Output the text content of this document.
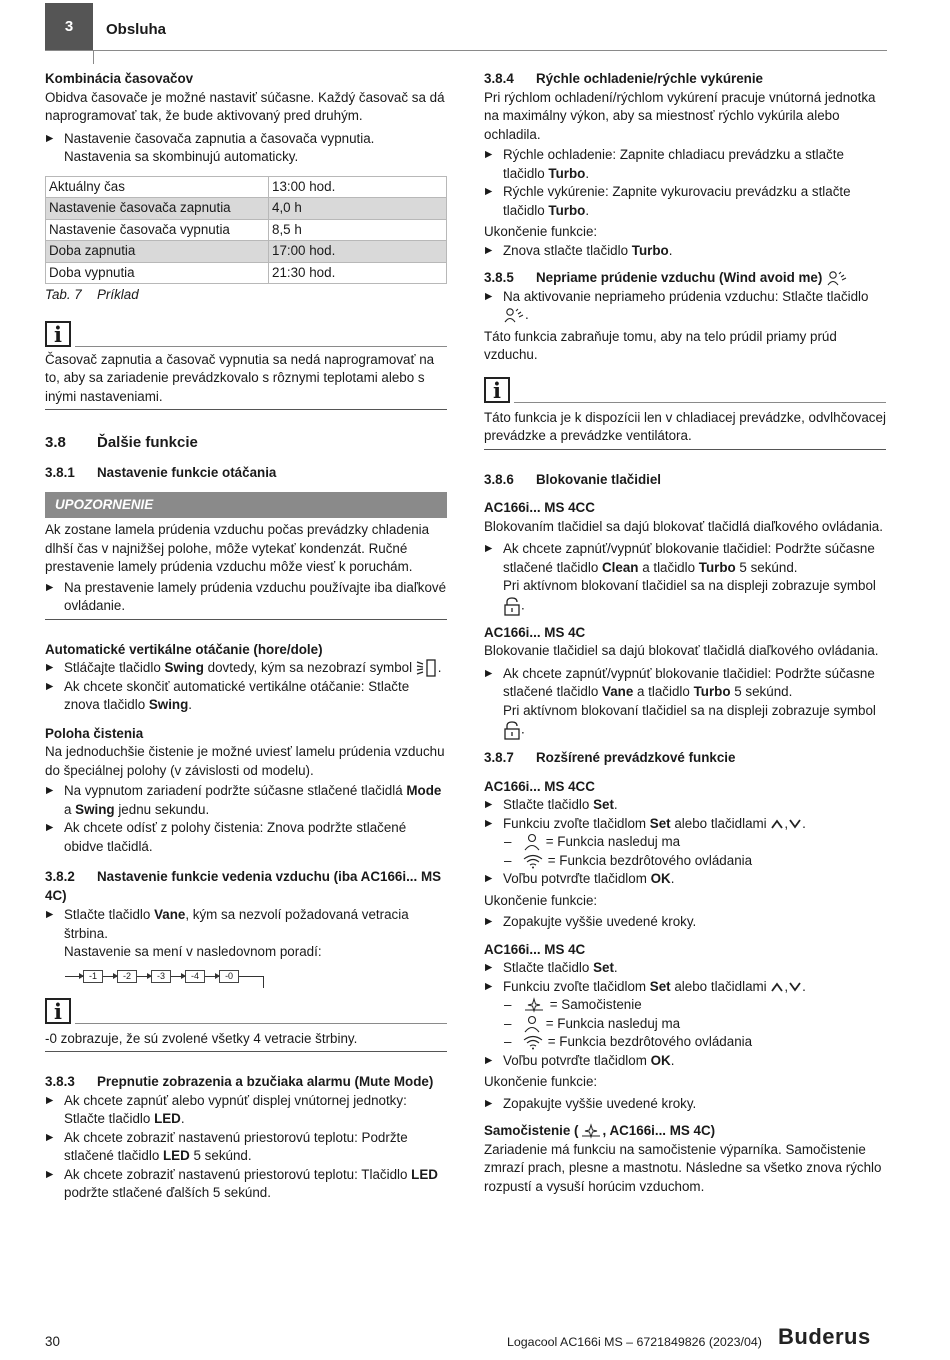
3	Obsluha

Kombinácia časovačov

Obidva časovače je možné nastaviť súčasne. Každý časovač sa dá naprogramovať tak, že bude aktivovaný pred druhým.

▶ Nastavenie časovača zapnutia a časovača vypnutia.
Nastavenia sa skombinujú automaticky.

Aktuálny čas	13:00 hod.
Nastavenie časovača zapnutia	4,0 h
Nastavenie časovača vypnutia	8,5 h
Doba zapnutia	17:00 hod.
Doba vypnutia	21:30 hod.

Tab. 7 Príklad

i

Časovač zapnutia a časovač vypnutia sa nedá naprogramovať na to, aby sa zariadenie prevádzkovalo s rôznymi teplotami alebo s inými nastaveniami.

3.8 Ďalšie funkcie

3.8.1 Nastavenie funkcie otáčania

UPOZORNENIE

Ak zostane lamela prúdenia vzduchu počas prevádzky chladenia dlhší čas v najnižšej polohe, môže vytekať kondenzát. Ručné prestavenie lamely prúdenia vzduchu môže viesť k poruchám.

▶ Na prestavenie lamely prúdenia vzduchu používajte iba diaľkové ovládanie.

Automatické vertikálne otáčanie (hore/dole)

▶ Stláčajte tlačidlo Swing dovtedy, kým sa nezobrazí symbol .

▶ Ak chcete skončiť automatické vertikálne otáčanie: Stlačte znova tlačidlo Swing.

Poloha čistenia

Na jednoduchšie čistenie je možné uviesť lamelu prúdenia vzduchu do špeciálnej polohy (v závislosti od modelu).

▶ Na vypnutom zariadení podržte súčasne stlačené tlačidlá Mode a Swing jednu sekundu.

▶ Ak chcete odísť z polohy čistenia: Znova podržte stlačené obidve tlačidlá.

3.8.2 Nastavenie funkcie vedenia vzduchu (iba AC166i... MS 4C)

▶ Stlačte tlačidlo Vane, kým sa nezvolí požadovaná vetracia štrbina.
Nastavenie sa mení v nasledovnom poradí:

-1	-2	-3	-4	-0
i

-0 zobrazuje, že sú zvolené všetky 4 vetracie štrbiny.

3.8.3 Prepnutie zobrazenia a bzučiaka alarmu (Mute Mode)

▶ Ak chcete zapnúť alebo vypnúť displej vnútornej jednotky: Stlačte tlačidlo LED.

▶ Ak chcete zobraziť nastavenú priestorovú teplotu: Podržte stlačené tlačidlo LED 5 sekúnd.

▶ Ak chcete zobraziť nastavenú priestorovú teplotu: Tlačidlo LED podržte stlačené ďalších 5 sekúnd.

3.8.4 Rýchle ochladenie/rýchle vykúrenie

Pri rýchlom ochladení/rýchlom vykúrení pracuje vnútorná jednotka na maximálny výkon, aby sa miestnosť rýchlo vykúrila alebo ochladila.

▶ Rýchle ochladenie: Zapnite chladiacu prevádzku a stlačte tlačidlo Turbo.

▶ Rýchle vykúrenie: Zapnite vykurovaciu prevádzku a stlačte tlačidlo Turbo.

Ukončenie funkcie:

▶ Znova stlačte tlačidlo Turbo.

3.8.5 Nepriame prúdenie vzduchu (Wind avoid me)

▶ Na aktivovanie nepriameho prúdenia vzduchu: Stlačte tlačidlo .

Táto funkcia zabraňuje tomu, aby na telo prúdil priamy prúd vzduchu.

i

Táto funkcia je k dispozícii len v chladiacej prevádzke, odvlhčovacej prevádzke a prevádzke ventilátora.

3.8.6 Blokovanie tlačidiel

AC166i... MS 4CC

Blokovaním tlačidiel sa dajú blokovať tlačidlá diaľkového ovládania.

▶ Ak chcete zapnúť/vypnúť blokovanie tlačidiel: Podržte súčasne stlačené tlačidlo Clean a tlačidlo Turbo 5 sekúnd.
Pri aktívnom blokovaní tlačidiel sa na displeji zobrazuje symbol .

AC166i... MS 4C

Blokovanie tlačidiel sa dajú blokovať tlačidlá diaľkového ovládania.

▶ Ak chcete zapnúť/vypnúť blokovanie tlačidiel: Podržte súčasne stlačené tlačidlo Vane a tlačidlo Turbo 5 sekúnd.
Pri aktívnom blokovaní tlačidiel sa na displeji zobrazuje symbol .

3.8.7 Rozšírené prevádzkové funkcie

AC166i... MS 4CC

▶ Stlačte tlačidlo Set.

▶ Funkciu zvoľte tlačidlom Set alebo tlačidlami , .

– = Funkcia nasleduj ma

– = Funkcia bezdrôtového ovládania

▶ Voľbu potvrďte tlačidlom OK.

Ukončenie funkcie:

▶ Zopakujte vyššie uvedené kroky.

AC166i... MS 4C

▶ Stlačte tlačidlo Set.

▶ Funkciu zvoľte tlačidlom Set alebo tlačidlami , .

– = Samočistenie

– = Funkcia nasleduj ma

– = Funkcia bezdrôtového ovládania

▶ Voľbu potvrďte tlačidlom OK.

Ukončenie funkcie:

▶ Zopakujte vyššie uvedené kroky.

Samočistenie ( , AC166i... MS 4C)

Zariadenie má funkciu na samočistenie výparníka. Samočistenie zmrazí prach, plesne a mastnotu. Následne sa všetko znova rýchlo rozpustí a vysuší horúcim vzduchom.

30	Logacool AC166i MS – 6721849826 (2023/04) Buderus
